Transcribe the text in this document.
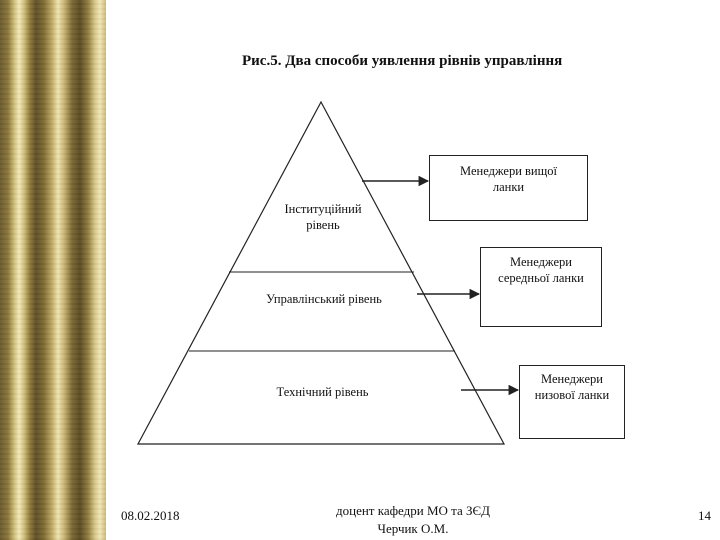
Рис.5. Два способи уявлення рівнів управління
Інституційний
рівень
Управлінський рівень
Технічний рівень
Менеджери вищої
ланки
Менеджери
середньої ланки
Менеджери
низової ланки
08.02.2018	доцент кафедри МО та ЗЄД
Черчик О.М.
14
